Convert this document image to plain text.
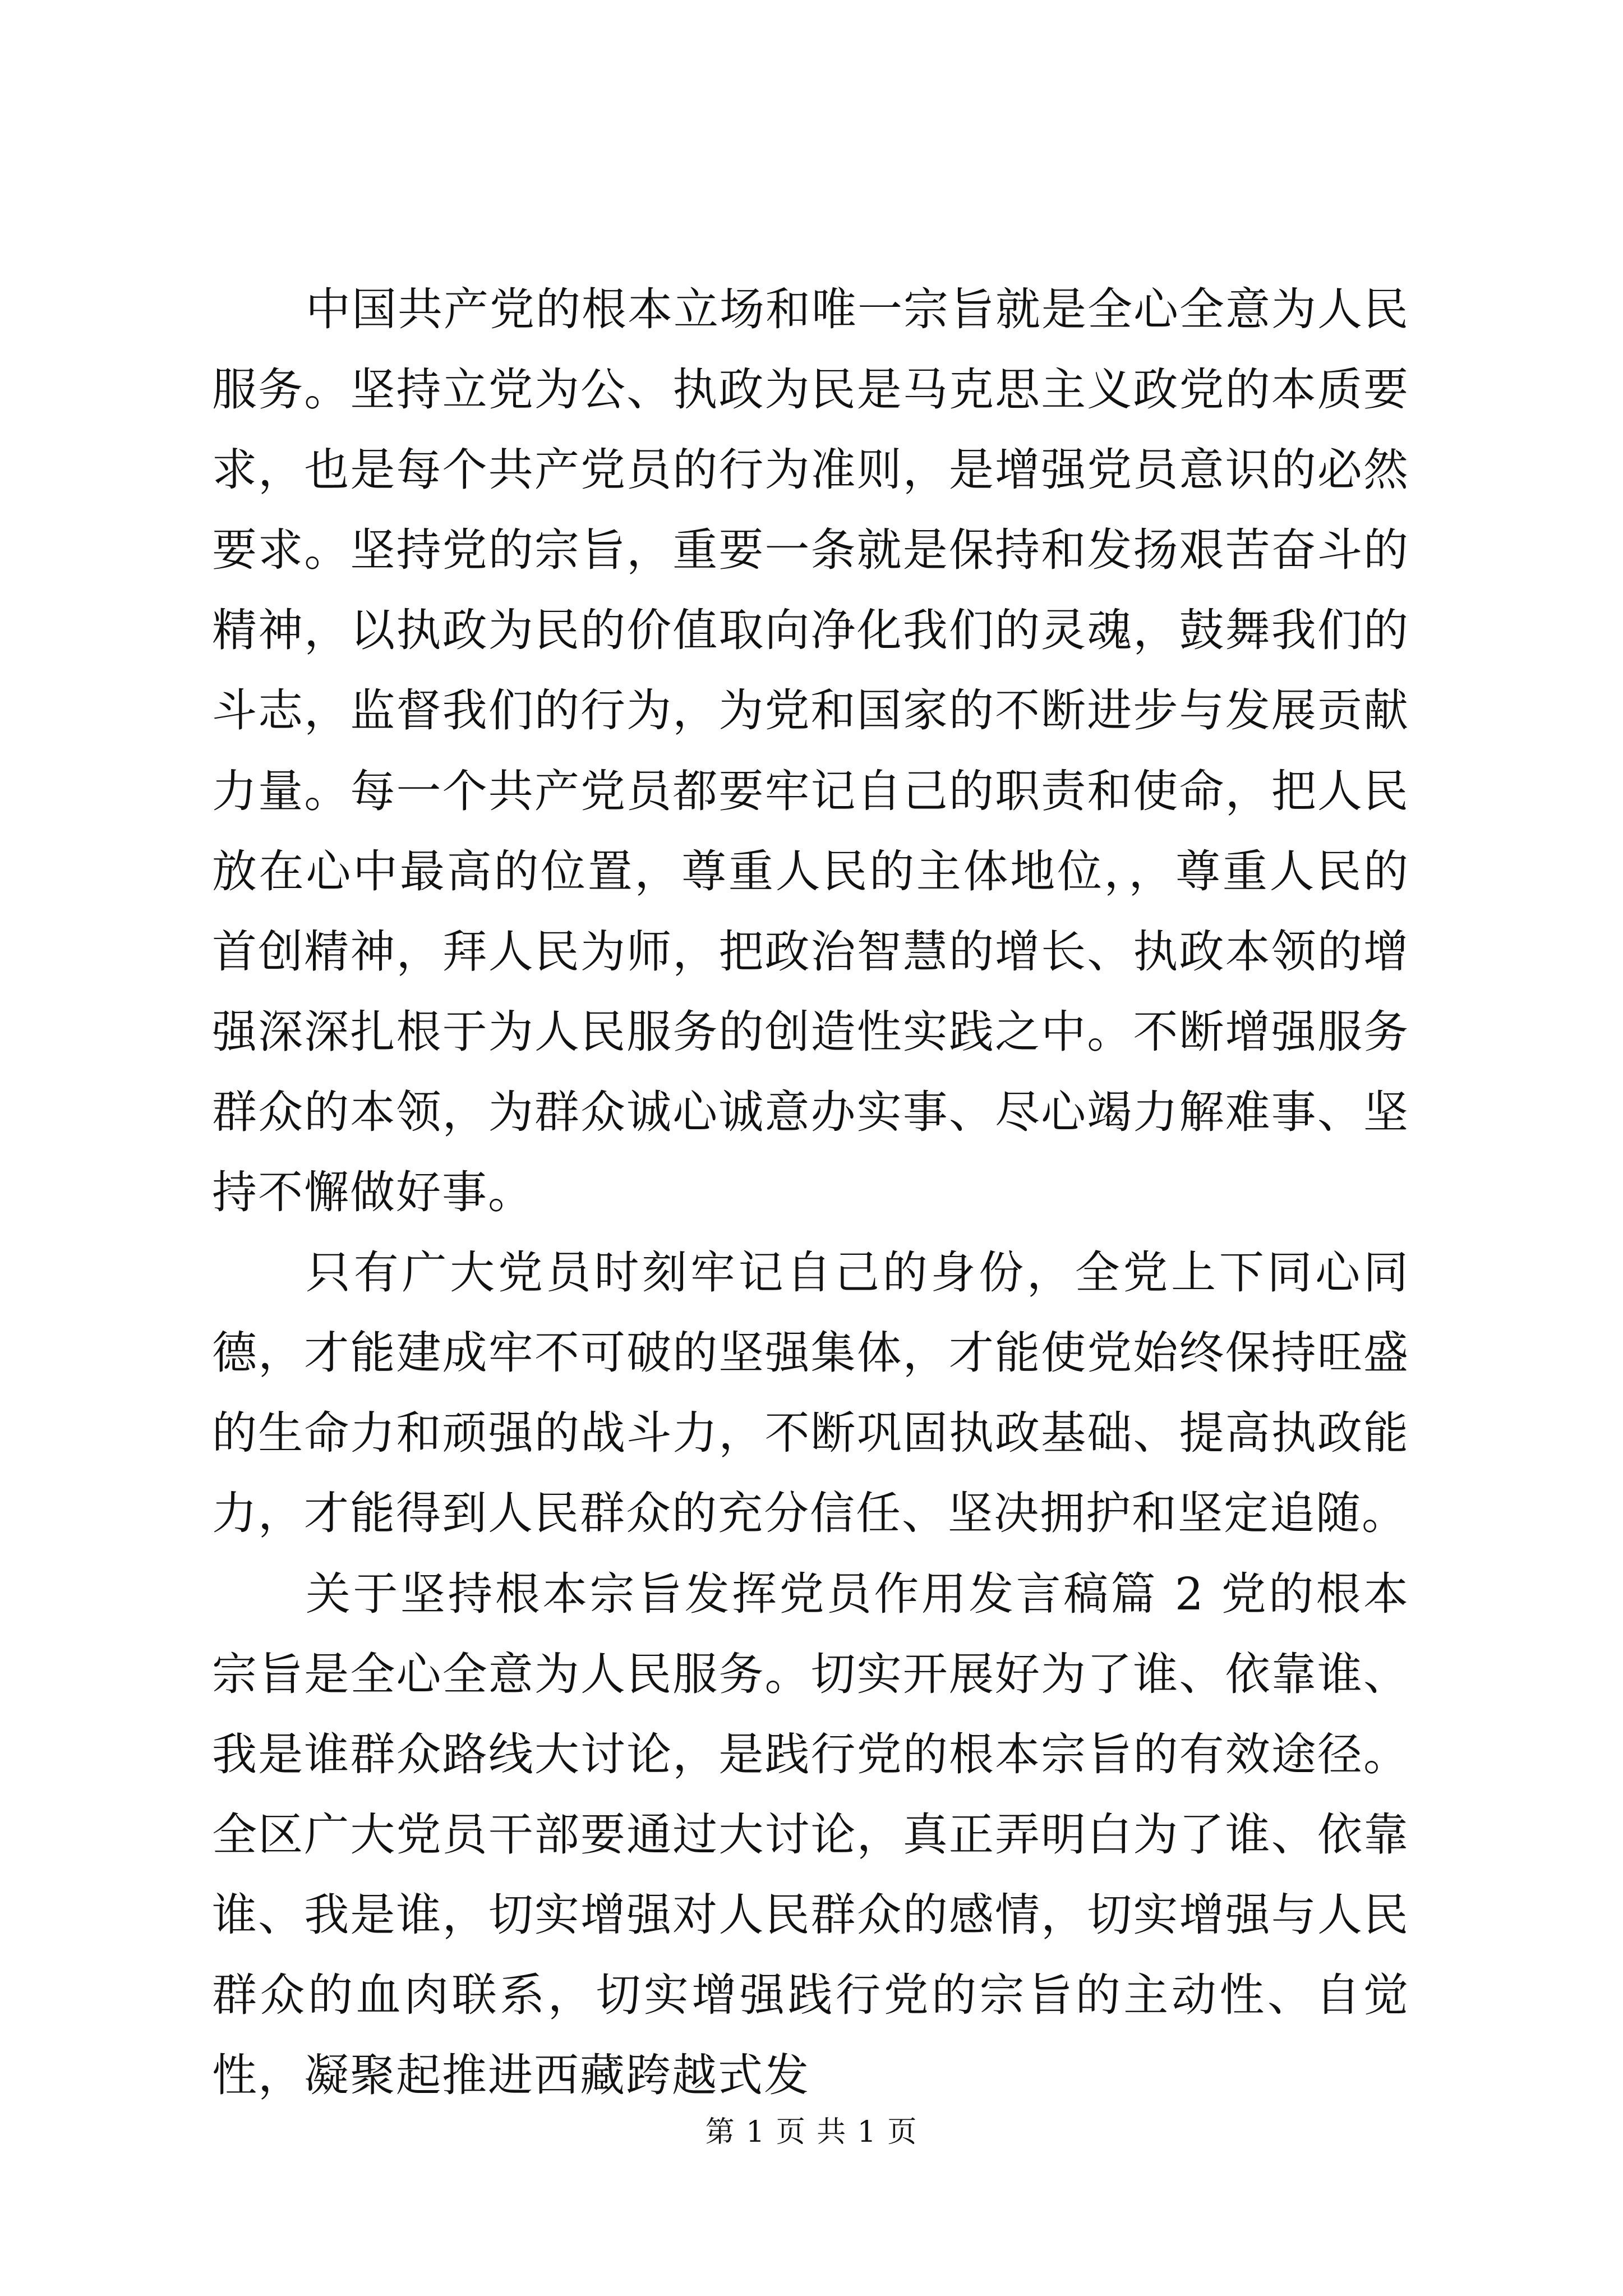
中国共产党的根本立场和唯一宗旨就是全心全意为人民服务。坚持立党为公、执政为民是马克思主义政党的本质要求，也是每个共产党员的行为准则，是增强党员意识的必然要求。坚持党的宗旨，重要一条就是保持和发扬艰苦奋斗的精神，以执政为民的价值取向净化我们的灵魂，鼓舞我们的斗志，监督我们的行为，为党和国家的不断进步与发展贡献力量。每一个共产党员都要牢记自己的职责和使命，把人民放在心中最高的位置，尊重人民的主体地位，，尊重人民的首创精神，拜人民为师，把政治智慧的增长、执政本领的增强深深扎根于为人民服务的创造性实践之中。不断增强服务群众的本领，为群众诚心诚意办实事、尽心竭力解难事、坚持不懈做好事。

只有广大党员时刻牢记自己的身份，全党上下同心同德，才能建成牢不可破的坚强集体，才能使党始终保持旺盛的生命力和顽强的战斗力，不断巩固执政基础、提高执政能力，才能得到人民群众的充分信任、坚决拥护和坚定追随。

关于坚持根本宗旨发挥党员作用发言稿篇 2 党的根本宗旨是全心全意为人民服务。切实开展好为了谁、依靠谁、我是谁群众路线大讨论，是践行党的根本宗旨的有效途径。全区广大党员干部要通过大讨论，真正弄明白为了谁、依靠谁、我是谁，切实增强对人民群众的感情，切实增强与人民群众的血肉联系，切实增强践行党的宗旨的主动性、自觉性，凝聚起推进西藏跨越式发

第 1 页 共 1 页
